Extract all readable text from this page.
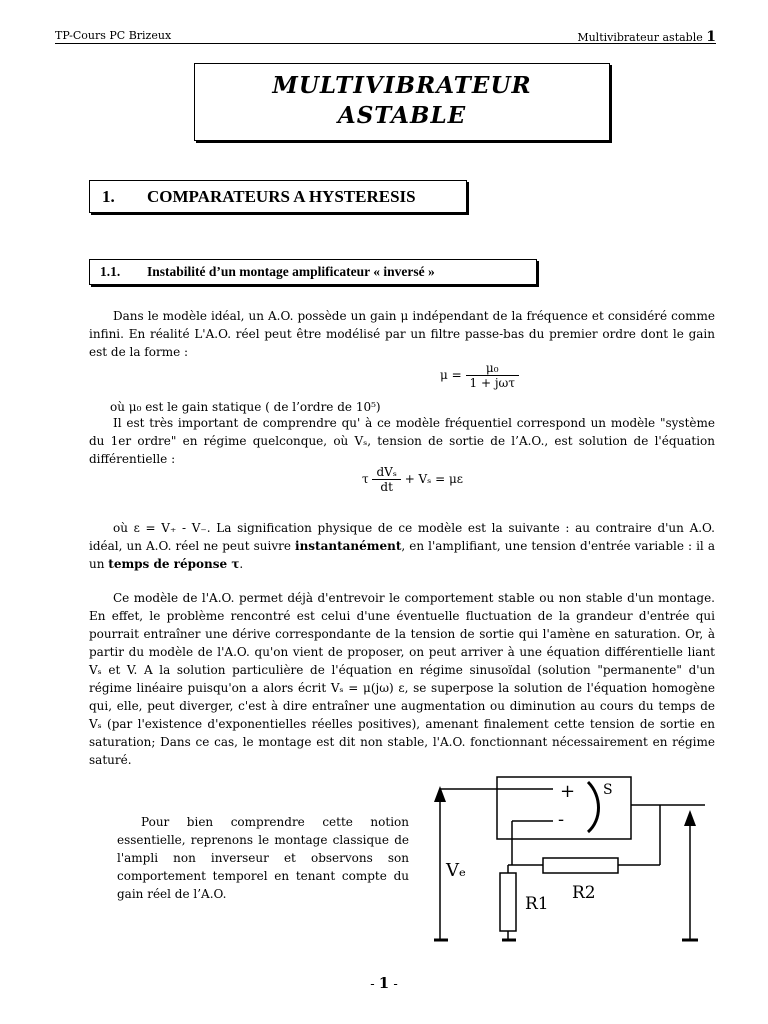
TP-Cours PC Brizeux	Multivibrateur astable 1
MULTIVIBRATEUR
ASTABLE
1. COMPARATEURS A HYSTERESIS
1.1. Instabilité d’un montage amplificateur « inversé »
Dans le modèle idéal, un A.O. possède un gain μ indépendant de la fréquence et considéré comme infini. En réalité L'A.O. réel peut être modélisé par un filtre passe-bas du premier ordre dont le gain est de la forme :
$\mu = \frac{\text{μ₀}}{\text{1 + jωτ}}$
où μ₀ est le gain statique ( de l’ordre de 10⁵)
Il est très important de comprendre qu' à ce modèle fréquentiel correspond un modèle "système du 1er ordre" en régime quelconque, où Vₛ, tension de sortie de l’A.O., est solution de l'équation différentielle :
τ $\frac{\text{dVₛ}}{dt} + V_s = \mu\varepsilon$
où ε = V₊ - V₋. La signification physique de ce modèle est la suivante : au contraire d'un A.O. idéal, un A.O. réel ne peut suivre instantanément, en l'amplifiant, une tension d'entrée variable : il a un temps de réponse τ.
Ce modèle de l'A.O. permet déjà d'entrevoir le comportement stable ou non stable d'un montage. En effet, le problème rencontré est celui d'une éventuelle fluctuation de la grandeur d'entrée qui pourrait entraîner une dérive correspondante de la tension de sortie qui l'amène en saturation. Or, à partir du modèle de l'A.O. qu'on vient de proposer, on peut arriver à une équation différentielle liant Vₛ et V. A la solution particulière de l'équation en régime sinusoïdal (solution "permanente" d'un régime linéaire puisqu'on a alors écrit Vₛ = μ(jω) ε, se superpose la solution de l'équation homogène qui, elle, peut diverger, c'est à dire entraîner une augmentation ou diminution au cours du temps de Vₛ (par l'existence d'exponentielles réelles positives), amenant finalement cette tension de sortie en saturation; Dans ce cas, le montage est dit non stable, l'A.O. fonctionnant nécessairement en régime saturé.
Pour bien comprendre cette notion essentielle, reprenons le montage classique de l'ampli non inverseur et observons son comportement temporel en tenant compte du gain réel de l’A.O.
+
-
S
Vₑ
R1
R2
- 1 -
